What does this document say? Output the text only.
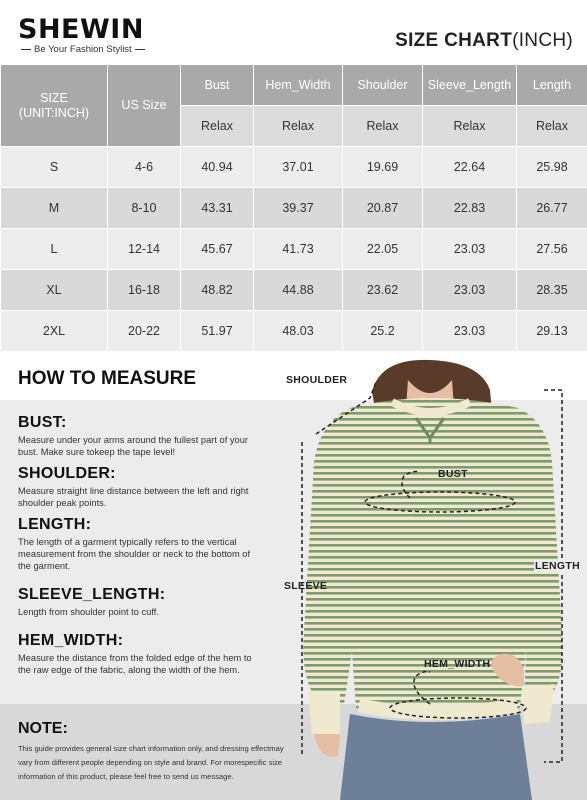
SHEWIN
Be Your Fashion Stylist	SIZE CHART(INCH)
SIZE
(UNIT:INCH)	US Size	Bust	Hem_Width	Shoulder	Sleeve_Length	Length
		Relax	Relax	Relax	Relax	Relax
S	4-6	40.94	37.01	19.69	22.64	25.98
M	8-10	43.31	39.37	20.87	22.83	26.77
L	12-14	45.67	41.73	22.05	23.03	27.56
XL	16-18	48.82	44.88	23.62	23.03	28.35
2XL	20-22	51.97	48.03	25.2	23.03	29.13
HOW TO MEASURE
BUST:
Measure under your arms around the fullest part of your bust. Make sure tokeep the tape level!
SHOULDER:
Measure straight line distance between the left and right shoulder peak points.
LENGTH:
The length of a garment typically refers to the vertical measurement from the shoulder or neck to the bottom of the garment.
SLEEVE_LENGTH:
Length from shoulder point to cuff.
HEM_WIDTH:
Measure the distance from the folded edge of the hem to the raw edge of the fabric, along the width of the hem.
NOTE:
This guide provides general size chart information only, and dressing effectmay vary from different people depending on style and brand. For morespecific size information of this product, please feel free to send us message.
SHOULDER
BUST
SLEEVE
LENGTH
HEM_WIDTH
